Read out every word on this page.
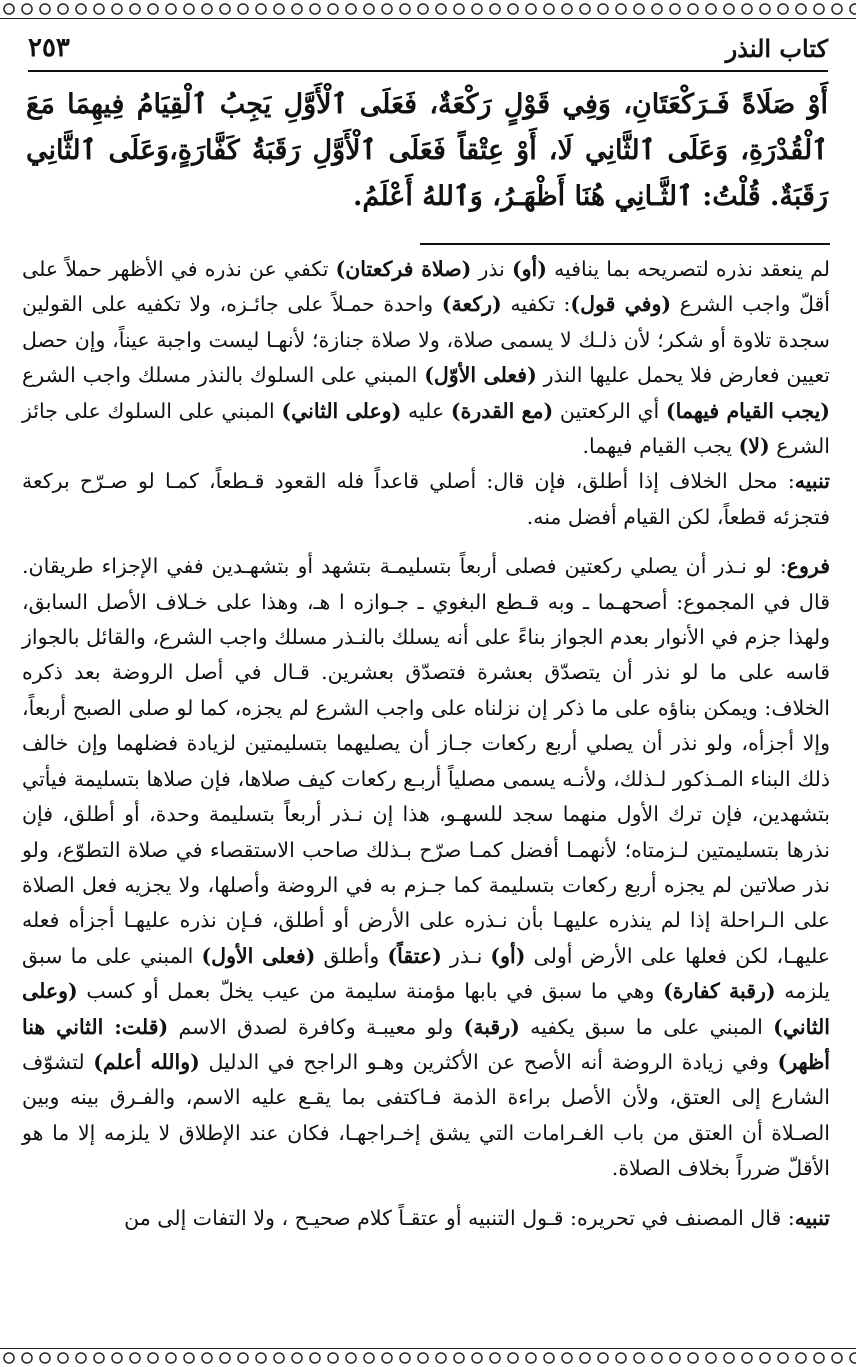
كتاب النذر
٢٥٣
أَوْ صَلَاةً فَـرَكْعَتَانِ، وَفِي قَوْلٍ رَكْعَةٌ، فَعَلَى ٱلْأَوَّلِ يَجِبُ ٱلْقِيَامُ فِيهِمَا مَعَ ٱلْقُدْرَةِ، وَعَلَى ٱلثَّانِي لَا، أَوْ عِتْقاً فَعَلَى ٱلْأَوَّلِ رَقَبَةُ كَفَّارَةٍ،وَعَلَى ٱلثَّانِي رَقَبَةٌ. قُلْتُ: ٱلثَّـانِي هُنَا أَظْهَـرُ، وَٱللهُ أَعْلَمُ.

لم ينعقد نذره لتصريحه بما ينافيه (أو) نذر (صلاة فركعتان) تكفي عن نذره في الأظهر حملاً على أقلّ واجب الشرع (وفي قول): تكفيه (ركعة) واحدة حمـلاً على جائـزه، ولا تكفيه على القولين سجدة تلاوة أو شكر؛ لأن ذلـك لا يسمى صلاة، ولا صلاة جنازة؛ لأنهـا ليست واجبة عيناً، وإن حصل تعيين فعارض فلا يحمل عليها النذر (فعلى الأوّل) المبني على السلوك بالنذر مسلك واجب الشرع (يجب القيام فيهما) أي الركعتين (مع القدرة) عليه (وعلى الثاني) المبني على السلوك على جائز الشرع (لا) يجب القيام فيهما.

تنبيه: محل الخلاف إذا أطلق، فإن قال: أصلي قاعداً فله القعود قـطعاً، كمـا لو صـرّح بركعة فتجزئه قطعاً، لكن القيام أفضل منه.

فروع: لو نـذر أن يصلي ركعتين فصلى أربعاً بتسليمـة بتشهد أو بتشهـدين ففي الإجزاء طريقان. قال في المجموع: أصحهـما ـ وبه قـطع البغوي ـ جـوازه ا هـ، وهذا على خـلاف الأصل السابق، ولهذا جزم في الأنوار بعدم الجواز بناءً على أنه يسلك بالنـذر مسلك واجب الشرع، والقائل بالجواز قاسه على ما لو نذر أن يتصدّق بعشرة فتصدّق بعشرين. قـال في أصل الروضة بعد ذكره الخلاف: ويمكن بناؤه على ما ذكر إن نزلناه على واجب الشرع لم يجزه، كما لو صلى الصبح أربعاً، وإلا أجزأه، ولو نذر أن يصلي أربع ركعات جـاز أن يصليهما بتسليمتين لزيادة فضلهما وإن خالف ذلك البناء المـذكور لـذلك، ولأنـه يسمى مصلياً أربـع ركعات كيف صلاها، فإن صلاها بتسليمة فيأتي بتشهدين، فإن ترك الأول منهما سجد للسهـو، هذا إن نـذر أربعاً بتسليمة وحدة، أو أطلق، فإن نذرها بتسليمتين لـزمتاه؛ لأنهمـا أفضل كمـا صرّح بـذلك صاحب الاستقصاء في صلاة التطوّع، ولو نذر صلاتين لم يجزه أربع ركعات بتسليمة كما جـزم به في الروضة وأصلها، ولا يجزيه فعل الصلاة على الـراحلة إذا لم ينذره عليهـا بأن نـذره على الأرض أو أطلق، فـإن نذره عليهـا أجزأه فعله عليهـا، لكن فعلها على الأرض أولى (أو) نـذر (عتقاً) وأطلق (فعلى الأول) المبني على ما سبق يلزمه (رقبة كفارة) وهي ما سبق في بابها مؤمنة سليمة من عيب يخلّ بعمل أو كسب (وعلى الثاني) المبني على ما سبق يكفيه (رقبة) ولو معيبـة وكافرة لصدق الاسم (قلت: الثاني هنا أظهر) وفي زيادة الروضة أنه الأصح عن الأكثرين وهـو الراجح في الدليل (والله أعلم) لتشوّف الشارع إلى العتق، ولأن الأصل براءة الذمة فـاكتفى بما يقـع عليه الاسم، والفـرق بينه وبين الصـلاة أن العتق من باب الغـرامات التي يشق إخـراجهـا، فكان عند الإطلاق لا يلزمه إلا ما هو الأقلّ ضرراً بخلاف الصلاة.

تنبيه: قال المصنف في تحريره: قـول التنبيه أو عتقـاً كلام صحيـح ، ولا التفات إلى من
